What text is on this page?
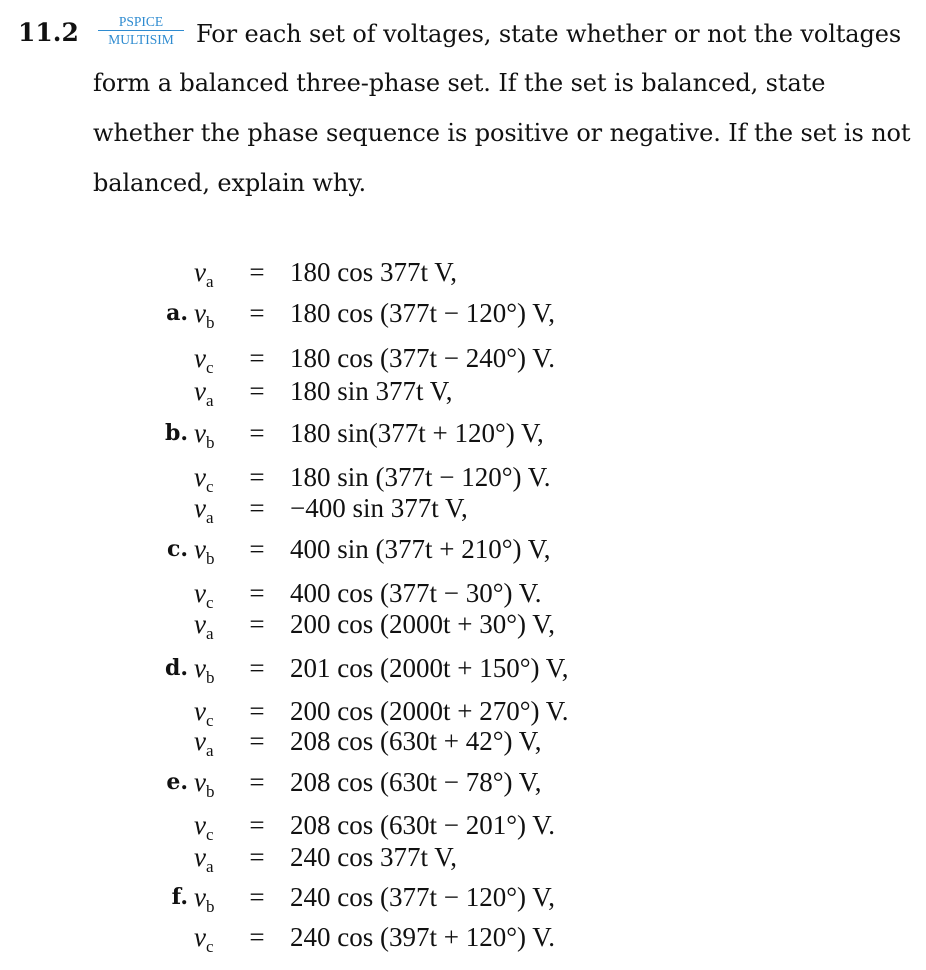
11.2	PSPICE
MULTISIM For each set of voltages, state whether or not the voltages
form a balanced three-phase set. If the set is balanced, state
whether the phase sequence is positive or negative. If the set is not
balanced, explain why.
$v_a$	= 180 cos 377t V,
a. $v_b$	= 180 cos (377t − 120°) V,
$v_c$	= 180 cos (377t − 240°) V.
$v_a$	= 180 sin 377t V,
b. $v_b$	= 180 sin(377t + 120°) V,
$v_c$	= 180 sin (377t − 120°) V.
$v_a$	= −400 sin 377t V,
c. $v_b$	= 400 sin (377t + 210°) V,
$v_c$	= 400 cos (377t − 30°) V.
$v_a$	= 200 cos (2000t + 30°) V,
d. $v_b$	= 201 cos (2000t + 150°) V,
$v_c$	= 200 cos (2000t + 270°) V.
$v_a$	= 208 cos (630t + 42°) V,
e. $v_b$	= 208 cos (630t − 78°) V,
$v_c$	= 208 cos (630t − 201°) V.
$v_a$	= 240 cos 377t V,
f. $v_b$	= 240 cos (377t − 120°) V,
$v_c$	= 240 cos (397t + 120°) V.
